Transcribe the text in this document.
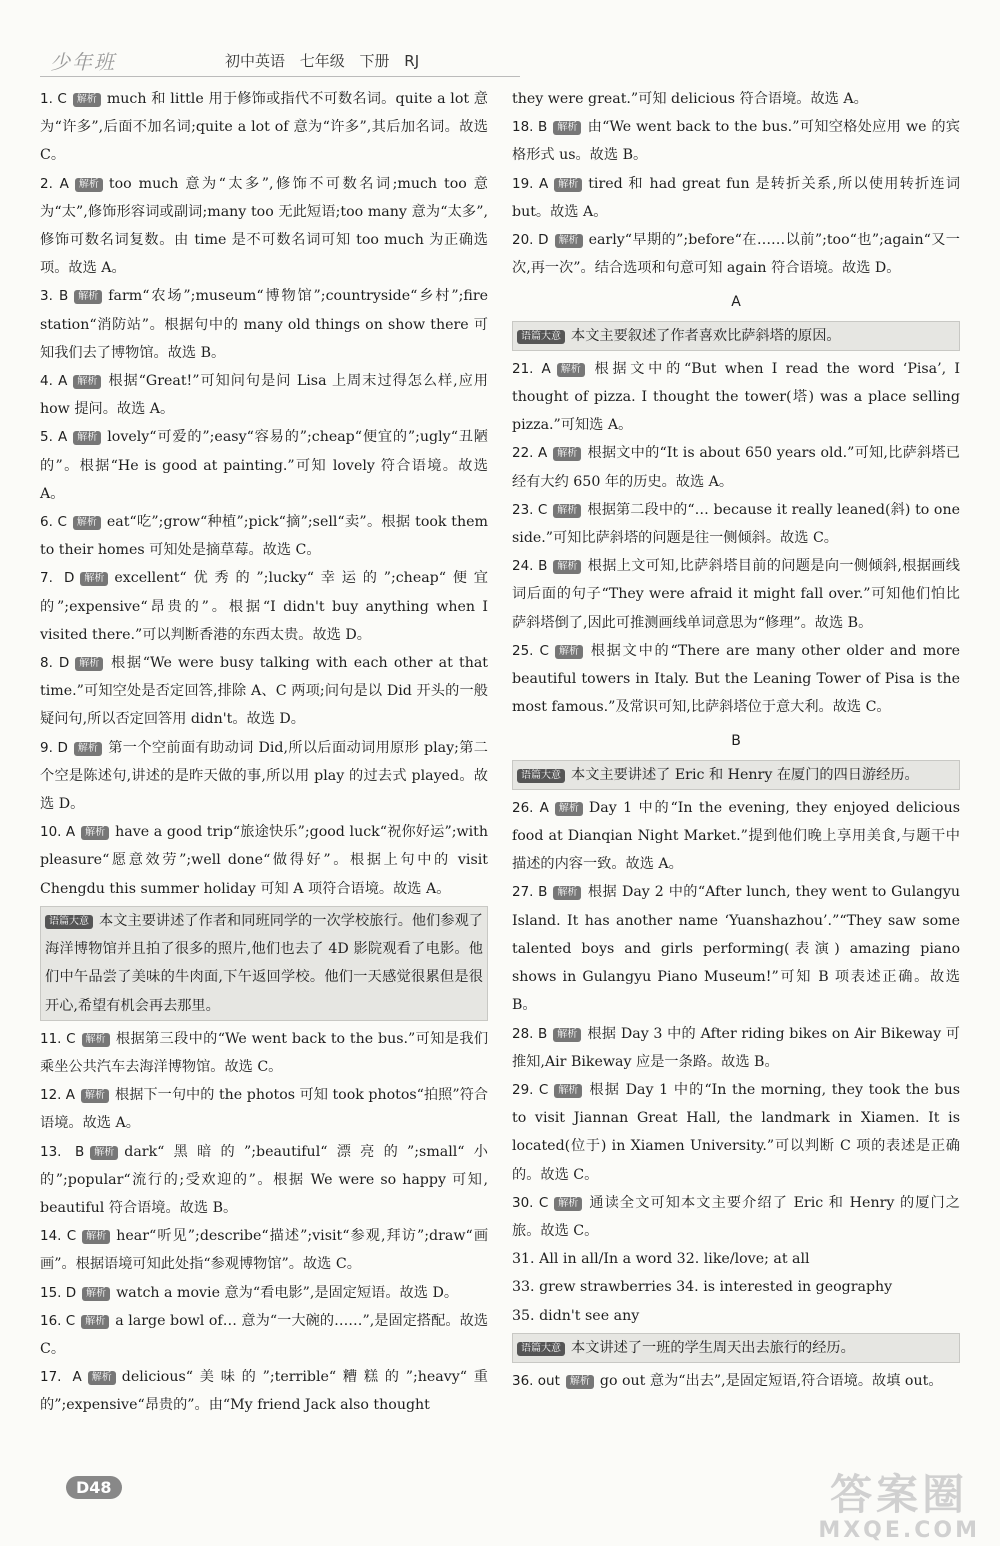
少年班	初中英语 七年级 下册 RJ

1. C 解析 much 和 little 用于修饰或指代不可数名词。quite a lot 意为“许多”,后面不加名词;quite a lot of 意为“许多”,其后加名词。故选 C。

2. A 解析 too much 意为“太多”,修饰不可数名词;much too 意为“太”,修饰形容词或副词;many too 无此短语;too many 意为“太多”,修饰可数名词复数。由 time 是不可数名词可知 too much 为正确选项。故选 A。

3. B 解析 farm“农场”;museum“博物馆”;countryside“乡村”;fire station“消防站”。根据句中的 many old things on show there 可知我们去了博物馆。故选 B。

4. A 解析 根据“Great!”可知问句是问 Lisa 上周末过得怎么样,应用 how 提问。故选 A。

5. A 解析 lovely“可爱的”;easy“容易的”;cheap“便宜的”;ugly“丑陋的”。根据“He is good at painting.”可知 lovely 符合语境。故选 A。

6. C 解析 eat“吃”;grow“种植”;pick“摘”;sell“卖”。根据 took them to their homes 可知处是摘草莓。故选 C。

7. D 解析 excellent“优秀的”;lucky“幸运的”;cheap“便宜的”;expensive“昂贵的”。根据“I didn't buy anything when I visited there.”可以判断香港的东西太贵。故选 D。

8. D 解析 根据“We were busy talking with each other at that time.”可知空处是否定回答,排除 A、C 两项;问句是以 Did 开头的一般疑问句,所以否定回答用 didn't。故选 D。

9. D 解析 第一个空前面有助动词 Did,所以后面动词用原形 play;第二个空是陈述句,讲述的是昨天做的事,所以用 play 的过去式 played。故选 D。

10. A 解析 have a good trip“旅途快乐”;good luck“祝你好运”;with pleasure“愿意效劳”;well done“做得好”。根据上句中的 visit Chengdu this summer holiday 可知 A 项符合语境。故选 A。

语篇大意 本文主要讲述了作者和同班同学的一次学校旅行。他们参观了海洋博物馆并且拍了很多的照片,他们也去了 4D 影院观看了电影。他们中午品尝了美味的牛肉面,下午返回学校。他们一天感觉很累但是很开心,希望有机会再去那里。

11. C 解析 根据第三段中的“We went back to the bus.”可知是我们乘坐公共汽车去海洋博物馆。故选 C。

12. A 解析 根据下一句中的 the photos 可知 took photos“拍照”符合语境。故选 A。

13. B 解析 dark“黑暗的”;beautiful“漂亮的”;small“小的”;popular“流行的;受欢迎的”。根据 We were so happy 可知, beautiful 符合语境。故选 B。

14. C 解析 hear“听见”;describe“描述”;visit“参观,拜访”;draw“画画”。根据语境可知此处指“参观博物馆”。故选 C。

15. D 解析 watch a movie 意为“看电影”,是固定短语。故选 D。

16. C 解析 a large bowl of… 意为“一大碗的……”,是固定搭配。故选 C。

17. A 解析 delicious“美味的”;terrible“糟糕的”;heavy“重的”;expensive“昂贵的”。由“My friend Jack also thought

they were great.”可知 delicious 符合语境。故选 A。

18. B 解析 由“We went back to the bus.”可知空格处应用 we 的宾格形式 us。故选 B。

19. A 解析 tired 和 had great fun 是转折关系,所以使用转折连词 but。故选 A。

20. D 解析 early“早期的”;before“在……以前”;too“也”;again“又一次,再一次”。结合选项和句意可知 again 符合语境。故选 D。

A

语篇大意 本文主要叙述了作者喜欢比萨斜塔的原因。

21. A 解析 根据文中的“But when I read the word ‘Pisa’, I thought of pizza. I thought the tower(塔) was a place selling pizza.”可知选 A。

22. A 解析 根据文中的“It is about 650 years old.”可知,比萨斜塔已经有大约 650 年的历史。故选 A。

23. C 解析 根据第二段中的“… because it really leaned(斜) to one side.”可知比萨斜塔的问题是往一侧倾斜。故选 C。

24. B 解析 根据上文可知,比萨斜塔目前的问题是向一侧倾斜,根据画线词后面的句子“They were afraid it might fall over.”可知他们怕比萨斜塔倒了,因此可推测画线单词意思为“修理”。故选 B。

25. C 解析 根据文中的“There are many other older and more beautiful towers in Italy. But the Leaning Tower of Pisa is the most famous.”及常识可知,比萨斜塔位于意大利。故选 C。

B

语篇大意 本文主要讲述了 Eric 和 Henry 在厦门的四日游经历。

26. A 解析 Day 1 中的“In the evening, they enjoyed delicious food at Dianqian Night Market.”提到他们晚上享用美食,与题干中描述的内容一致。故选 A。

27. B 解析 根据 Day 2 中的“After lunch, they went to Gulangyu Island. It has another name ‘Yuanshazhou’.”“They saw some talented boys and girls performing(表演) amazing piano shows in Gulangyu Piano Museum!”可知 B 项表述正确。故选 B。

28. B 解析 根据 Day 3 中的 After riding bikes on Air Bikeway 可推知,Air Bikeway 应是一条路。故选 B。

29. C 解析 根据 Day 1 中的“In the morning, they took the bus to visit Jiannan Great Hall, the landmark in Xiamen. It is located(位于) in Xiamen University.”可以判断 C 项的表述是正确的。故选 C。

30. C 解析 通读全文可知本文主要介绍了 Eric 和 Henry 的厦门之旅。故选 C。

31. All in all/In a word 32. like/love; at all

33. grew strawberries 34. is interested in geography

35. didn't see any

语篇大意 本文讲述了一班的学生周天出去旅行的经历。

36. out 解析 go out 意为“出去”,是固定短语,符合语境。故填 out。

D48	答案圈
MXQE.COM
